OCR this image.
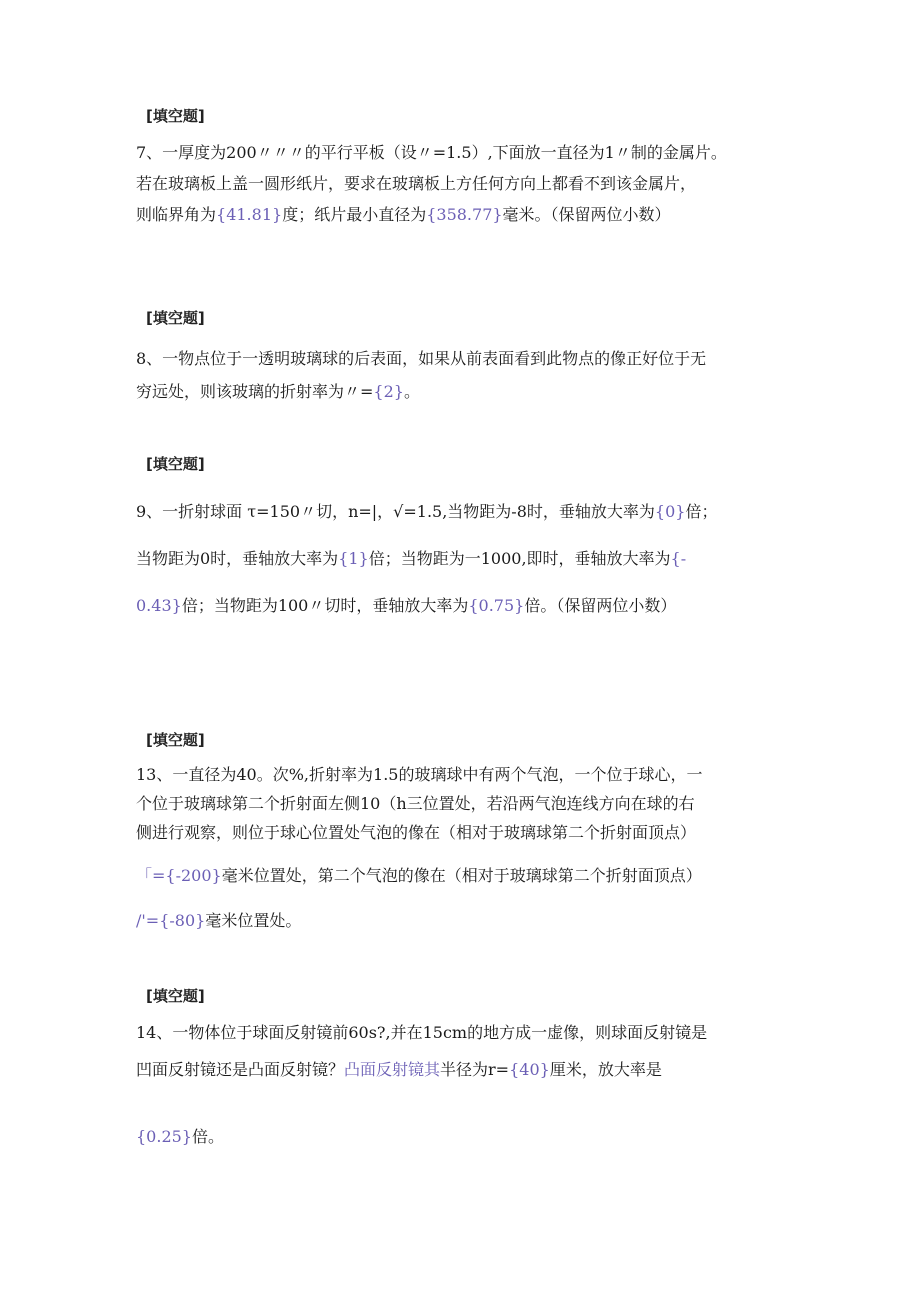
[填空题]
7、一厚度为200〃〃〃的平行平板（设〃=1.5）,下面放一直径为1〃制的金属片。
若在玻璃板上盖一圆形纸片，要求在玻璃板上方任何方向上都看不到该金属片，
则临界角为{41.81}度；纸片最小直径为{358.77}毫米。（保留两位小数）
[填空题]
8、一物点位于一透明玻璃球的后表面，如果从前表面看到此物点的像正好位于无
穷远处，则该玻璃的折射率为〃={2}。
[填空题]
9、一折射球面 τ=150〃切，n=|，√=1.5,当物距为-8时，垂轴放大率为{0}倍；
当物距为0时，垂轴放大率为{1}倍；当物距为一1000,即时，垂轴放大率为{-
0.43}倍；当物距为100〃切时，垂轴放大率为{0.75}倍。（保留两位小数）
[填空题]
13、一直径为40。次%,折射率为1.5的玻璃球中有两个气泡，一个位于球心，一
个位于玻璃球第二个折射面左侧10（h三位置处，若沿两气泡连线方向在球的右
侧进行观察，则位于球心位置处气泡的像在（相对于玻璃球第二个折射面顶点）
「={-200}毫米位置处，第二个气泡的像在（相对于玻璃球第二个折射面顶点）
/'={-80}毫米位置处。
[填空题]
14、一物体位于球面反射镜前60s?,并在15cm的地方成一虚像，则球面反射镜是
凹面反射镜还是凸面反射镜？凸面反射镜其半径为r={40}厘米，放大率是
{0.25}倍。
